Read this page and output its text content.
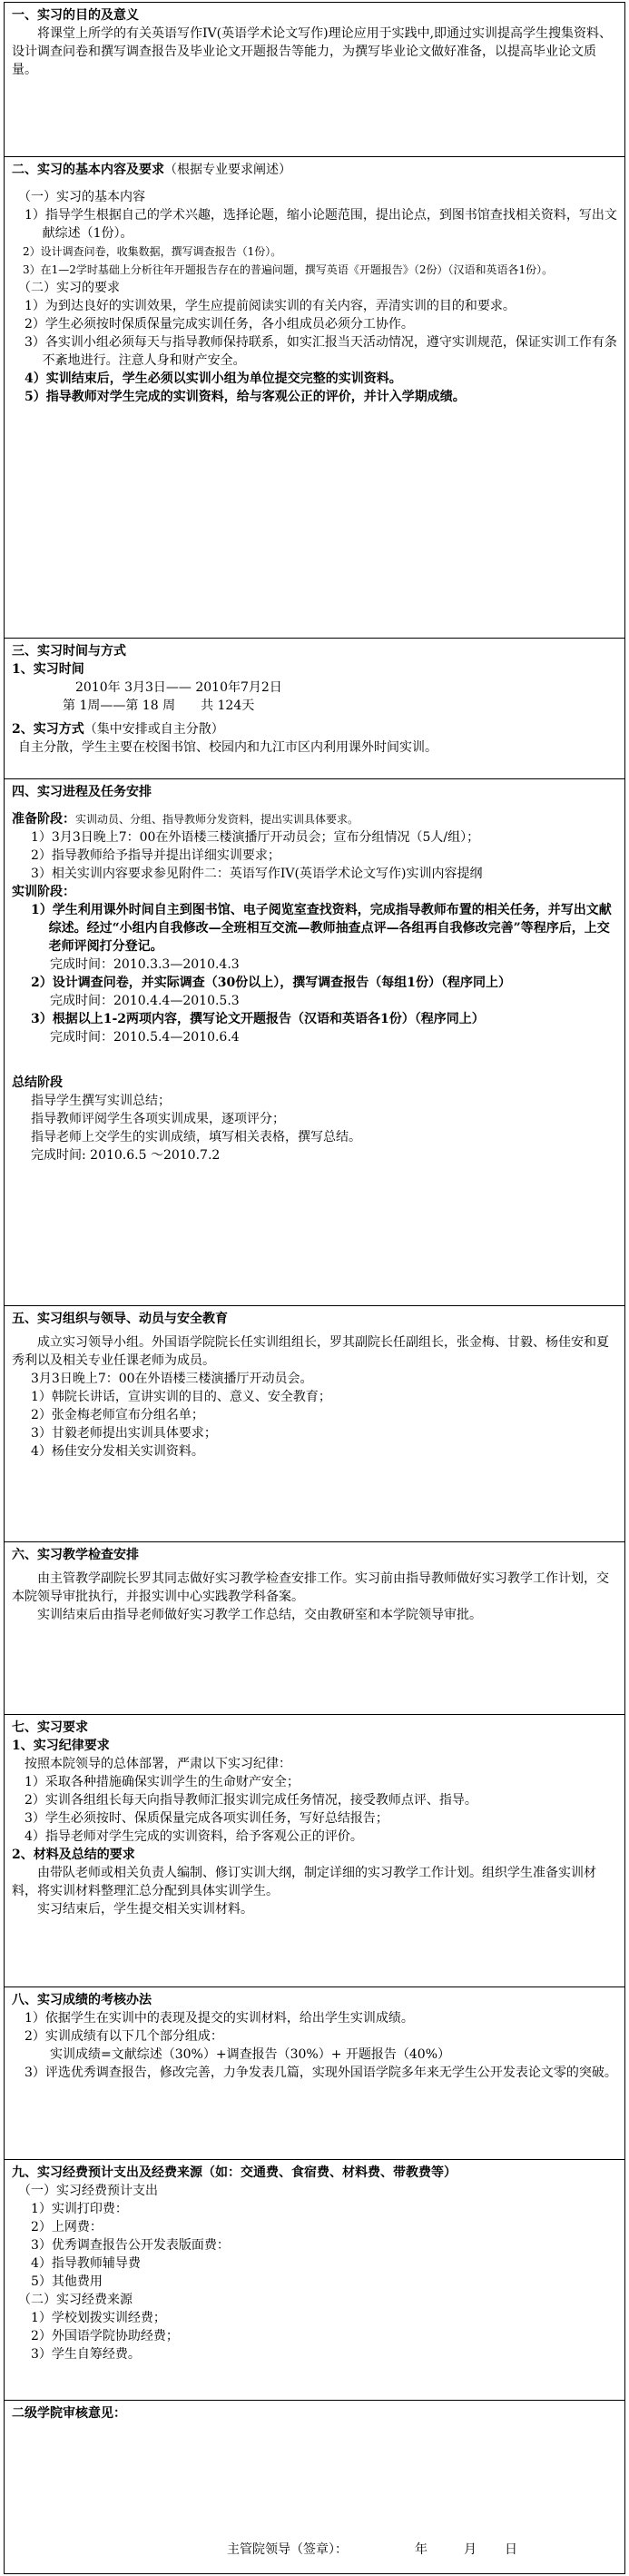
一、实习的目的及意义

将课堂上所学的有关英语写作IV(英语学术论文写作)理论应用于实践中,即通过实训提高学生搜集资料、设计调查问卷和撰写调查报告及毕业论文开题报告等能力，为撰写毕业论文做好准备，以提高毕业论文质量。

二、实习的基本内容及要求（根据专业要求阐述）
（一）实习的基本内容
1）指导学生根据自己的学术兴趣，选择论题，缩小论题范围，提出论点，到图书馆查找相关资料，写出文献综述（1份）。
2）设计调查问卷，收集数据，撰写调查报告（1份）。
3）在1—2学时基础上分析往年开题报告存在的普遍问题，撰写英语《开题报告》（2份）（汉语和英语各1份）。
（二）实习的要求
1）为到达良好的实训效果，学生应提前阅读实训的有关内容，弄清实训的目的和要求。
2）学生必须按时保质保量完成实训任务，各小组成员必须分工协作。
3）各实训小组必须每天与指导教师保持联系，如实汇报当天活动情况，遵守实训规范，保证实训工作有条不紊地进行。注意人身和财产安全。
4）实训结束后，学生必须以实训小组为单位提交完整的实训资料。
5）指导教师对学生完成的实训资料，给与客观公正的评价，并计入学期成绩。
三、实习时间与方式
1、实习时间
2010年 3月3日—— 2010年7月2日
第 1周——第 18 周 共 124天
2、实习方式（集中安排或自主分散）
自主分散，学生主要在校图书馆、校园内和九江市区内利用课外时间实训。
四、实习进程及任务安排
准备阶段：实训动员、分组、指导教师分发资料，提出实训具体要求。
1）3月3日晚上7：00在外语楼三楼演播厅开动员会；宣布分组情况（5人/组）；
2）指导教师给予指导并提出详细实训要求；
3）相关实训内容要求参见附件二：英语写作IV(英语学术论文写作)实训内容提纲
实训阶段：
1）学生利用课外时间自主到图书馆、电子阅览室查找资料，完成指导教师布置的相关任务，并写出文献综述。经过“小组内自我修改—全班相互交流—教师抽查点评—各组再自我修改完善”等程序后，上交老师评阅打分登记。
完成时间：2010.3.3—2010.4.3
2）设计调查问卷，并实际调查（30份以上），撰写调查报告（每组1份）（程序同上）
完成时间：2010.4.4—2010.5.3
3）根据以上1-2两项内容，撰写论文开题报告（汉语和英语各1份）（程序同上）
完成时间：2010.5.4—2010.6.4
总结阶段
指导学生撰写实训总结；
指导教师评阅学生各项实训成果，逐项评分；
指导老师上交学生的实训成绩，填写相关表格，撰写总结。
完成时间: 2010.6.5 ～2010.7.2
五、实习组织与领导、动员与安全教育

成立实习领导小组。外国语学院院长任实训组组长，罗其副院长任副组长，张金梅、甘毅、杨佳安和夏秀利以及相关专业任课老师为成员。

3月3日晚上7：00在外语楼三楼演播厅开动员会。
1）韩院长讲话，宣讲实训的目的、意义、安全教育；
2）张金梅老师宣布分组名单；
3）甘毅老师提出实训具体要求；
4）杨佳安分发相关实训资料。
六、实习教学检查安排

由主管教学副院长罗其同志做好实习教学检查安排工作。实习前由指导教师做好实习教学工作计划，交本院领导审批执行，并报实训中心实践教学科备案。

实训结束后由指导老师做好实习教学工作总结，交由教研室和本学院领导审批。

七、实习要求
1、实习纪律要求
按照本院领导的总体部署，严肃以下实习纪律：
1）采取各种措施确保实训学生的生命财产安全；
2）实训各组组长每天向指导教师汇报实训完成任务情况，接受教师点评、指导。
3）学生必须按时、保质保量完成各项实训任务，写好总结报告；
4）指导老师对学生完成的实训资料，给予客观公正的评价。
2、材料及总结的要求

由带队老师或相关负责人编制、修订实训大纲，制定详细的实习教学工作计划。组织学生准备实训材料，将实训材料整理汇总分配到具体实训学生。

实习结束后，学生提交相关实训材料。

八、实习成绩的考核办法
1）依据学生在实训中的表现及提交的实训材料，给出学生实训成绩。
2）实训成绩有以下几个部分组成：
实训成绩=文献综述（30%）+调查报告（30%）+ 开题报告（40%）
3）评选优秀调查报告，修改完善，力争发表几篇，实现外国语学院多年来无学生公开发表论文零的突破。
九、实习经费预计支出及经费来源（如：交通费、食宿费、材料费、带教费等）
（一）实习经费预计支出
1）实训打印费：
2）上网费：
3）优秀调查报告公开发表版面费：
4）指导教师辅导费
5）其他费用
（二）实习经费来源
1）学校划拨实训经费；
2）外国语学院协助经费；
3）学生自筹经费。
二级学院审核意见：
主管院领导（签章）：	年	月 日
